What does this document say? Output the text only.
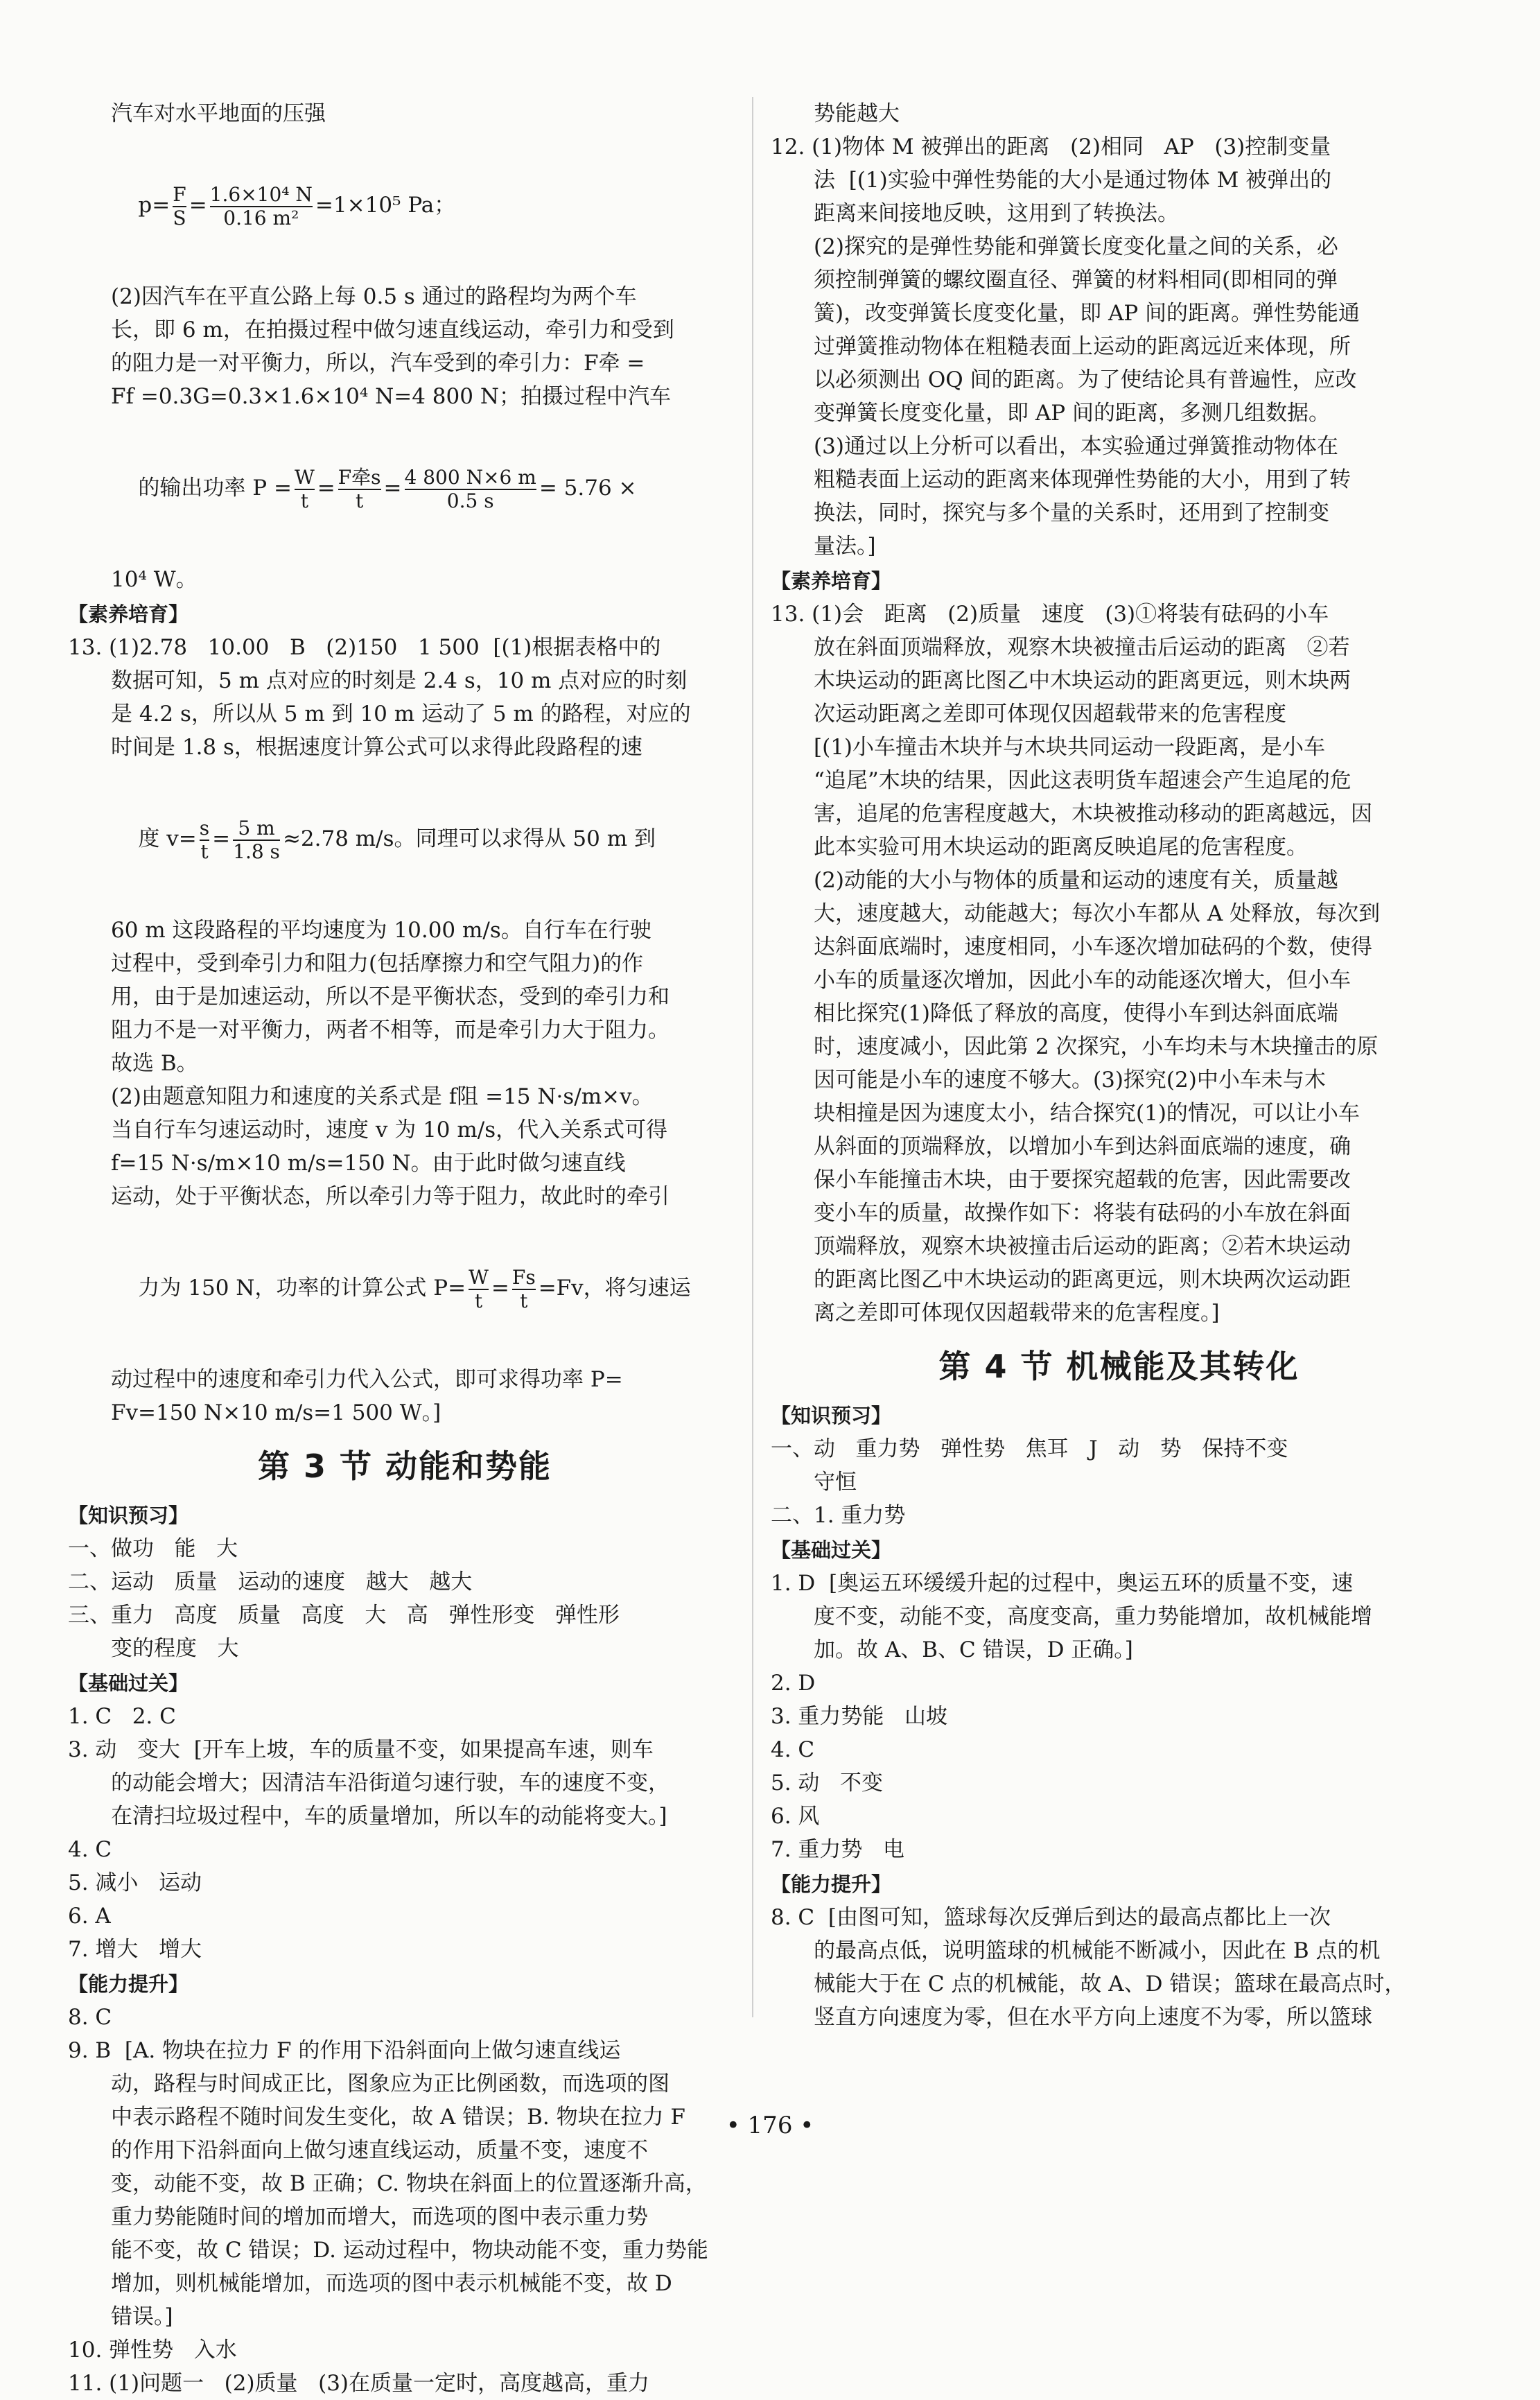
汽车对水平地面的压强

$p= \frac{F}{S} = \frac{\text{1.6×10⁴ N}}{\text{0.16 m²}} =1\times 10^5$ Pa；

(2)因汽车在平直公路上每 0.5 s 通过的路程均为两个车

长，即 6 m，在拍摄过程中做匀速直线运动，牵引力和受到

的阻力是一对平衡力，所以，汽车受到的牵引力：F牵 =

Ff =0.3G=0.3×1.6×10⁴ N=4 800 N；拍摄过程中汽车

的输出功率 $P = \frac{W}{t} = \frac{\text{F牵s}}{t} = \frac{4 800 N\times 6 m}{0.5 s} = 5.76$ ×

10⁴ W。

【素养培育】

13. (1)2.78   10.00   B   (2)150   1 500  [(1)根据表格中的

数据可知，5 m 点对应的时刻是 2.4 s，10 m 点对应的时刻

是 4.2 s，所以从 5 m 到 10 m 运动了 5 m 的路程，对应的

时间是 1.8 s，根据速度计算公式可以求得此段路程的速

度 $v= \frac{s}{t} = \frac{5 m}{1.8 s} \approx 2.78$ m/s。同理可以求得从 50 m 到

60 m 这段路程的平均速度为 10.00 m/s。自行车在行驶

过程中，受到牵引力和阻力(包括摩擦力和空气阻力)的作

用，由于是加速运动，所以不是平衡状态，受到的牵引力和

阻力不是一对平衡力，两者不相等，而是牵引力大于阻力。

故选 B。

(2)由题意知阻力和速度的关系式是 f阻 =15 N·s/m×v。

当自行车匀速运动时，速度 v 为 10 m/s，代入关系式可得

f=15 N·s/m×10 m/s=150 N。由于此时做匀速直线

运动，处于平衡状态，所以牵引力等于阻力，故此时的牵引

力为 150 N，功率的计算公式 $P= \frac{W}{t} = \frac{Fs}{t} =Fv$，将匀速运

动过程中的速度和牵引力代入公式，即可求得功率 P=

Fv=150 N×10 m/s=1 500 W。]

第 3 节 动能和势能

【知识预习】

一、做功   能   大

二、运动   质量   运动的速度   越大   越大

三、重力   高度   质量   高度   大   高   弹性形变   弹性形

变的程度   大

【基础过关】

1. C   2. C

3. 动   变大  [开车上坡，车的质量不变，如果提高车速，则车

的动能会增大；因清洁车沿街道匀速行驶，车的速度不变，

在清扫垃圾过程中，车的质量增加，所以车的动能将变大。]

4. C

5. 减小   运动

6. A

7. 增大   增大

【能力提升】

8. C

9. B  [A. 物块在拉力 F 的作用下沿斜面向上做匀速直线运

动，路程与时间成正比，图象应为正比例函数，而选项的图

中表示路程不随时间发生变化，故 A 错误；B. 物块在拉力 F

的作用下沿斜面向上做匀速直线运动，质量不变，速度不

变，动能不变，故 B 正确；C. 物块在斜面上的位置逐渐升高，

重力势能随时间的增加而增大，而选项的图中表示重力势

能不变，故 C 错误；D. 运动过程中，物块动能不变，重力势能

增加，则机械能增加，而选项的图中表示机械能不变，故 D

错误。]

10. 弹性势   入水

11. (1)问题一   (2)质量   (3)在质量一定时，高度越高，重力

势能越大

12. (1)物体 M 被弹出的距离   (2)相同   AP   (3)控制变量

法  [(1)实验中弹性势能的大小是通过物体 M 被弹出的

距离来间接地反映，这用到了转换法。

(2)探究的是弹性势能和弹簧长度变化量之间的关系，必

须控制弹簧的螺纹圈直径、弹簧的材料相同(即相同的弹

簧)，改变弹簧长度变化量，即 AP 间的距离。弹性势能通

过弹簧推动物体在粗糙表面上运动的距离远近来体现，所

以必须测出 OQ 间的距离。为了使结论具有普遍性，应改

变弹簧长度变化量，即 AP 间的距离，多测几组数据。

(3)通过以上分析可以看出，本实验通过弹簧推动物体在

粗糙表面上运动的距离来体现弹性势能的大小，用到了转

换法，同时，探究与多个量的关系时，还用到了控制变

量法。]

【素养培育】

13. (1)会   距离   (2)质量   速度   (3)①将装有砝码的小车

放在斜面顶端释放，观察木块被撞击后运动的距离   ②若

木块运动的距离比图乙中木块运动的距离更远，则木块两

次运动距离之差即可体现仅因超载带来的危害程度

[(1)小车撞击木块并与木块共同运动一段距离，是小车

“追尾”木块的结果，因此这表明货车超速会产生追尾的危

害，追尾的危害程度越大，木块被推动移动的距离越远，因

此本实验可用木块运动的距离反映追尾的危害程度。

(2)动能的大小与物体的质量和运动的速度有关，质量越

大，速度越大，动能越大；每次小车都从 A 处释放，每次到

达斜面底端时，速度相同，小车逐次增加砝码的个数，使得

小车的质量逐次增加，因此小车的动能逐次增大，但小车

相比探究(1)降低了释放的高度，使得小车到达斜面底端

时，速度减小，因此第 2 次探究，小车均未与木块撞击的原

因可能是小车的速度不够大。(3)探究(2)中小车未与木

块相撞是因为速度太小，结合探究(1)的情况，可以让小车

从斜面的顶端释放，以增加小车到达斜面底端的速度，确

保小车能撞击木块，由于要探究超载的危害，因此需要改

变小车的质量，故操作如下：将装有砝码的小车放在斜面

顶端释放，观察木块被撞击后运动的距离；②若木块运动

的距离比图乙中木块运动的距离更远，则木块两次运动距

离之差即可体现仅因超载带来的危害程度。]

第 4 节 机械能及其转化

【知识预习】

一、动   重力势   弹性势   焦耳   J   动   势   保持不变

守恒

二、1. 重力势

【基础过关】

1. D  [奥运五环缓缓升起的过程中，奥运五环的质量不变，速

度不变，动能不变，高度变高，重力势能增加，故机械能增

加。故 A、B、C 错误，D 正确。]

2. D

3. 重力势能   山坡

4. C

5. 动   不变

6. 风

7. 重力势   电

【能力提升】

8. C  [由图可知，篮球每次反弹后到达的最高点都比上一次

的最高点低，说明篮球的机械能不断减小，因此在 B 点的机

械能大于在 C 点的机械能，故 A、D 错误；篮球在最高点时，

竖直方向速度为零，但在水平方向上速度不为零，所以篮球

• 176 •
